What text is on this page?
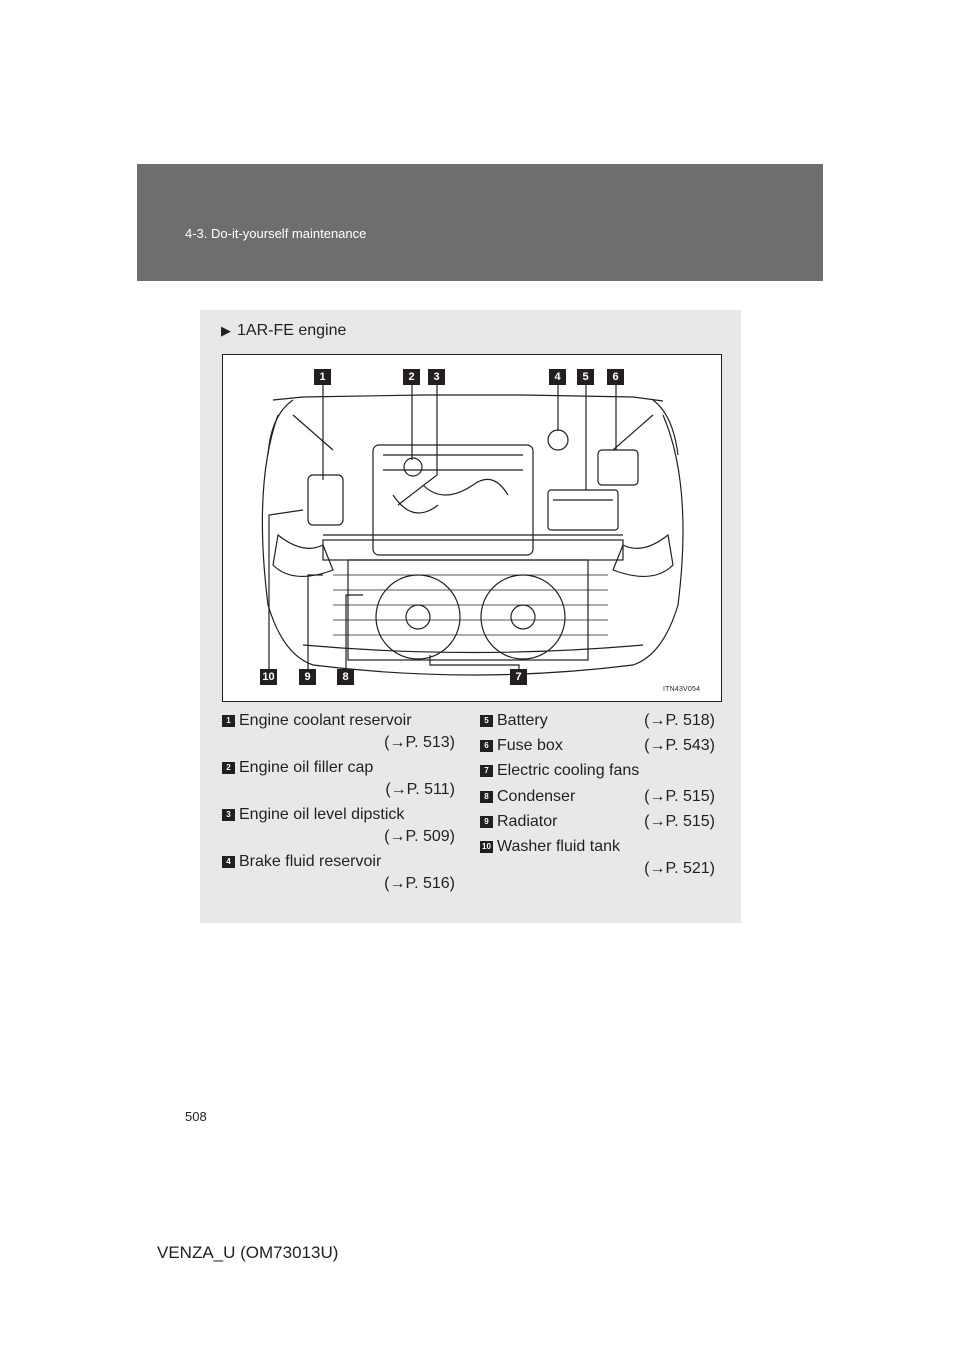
4-3. Do-it-yourself maintenance
▶ 1AR-FE engine
1	2	3	4	5	6
7
8
9
10
ITN43V054
1 Engine coolant reservoir
(→P. 513)
2 Engine oil filler cap
(→P. 511)
3 Engine oil level dipstick
(→P. 509)
4 Brake fluid reservoir
(→P. 516)
5 Battery	(→P. 518)
6 Fuse box	(→P. 543)
7 Electric cooling fans
8 Condenser	(→P. 515)
9 Radiator	(→P. 515)
10 Washer fluid tank
(→P. 521)
508
VENZA_U (OM73013U)
